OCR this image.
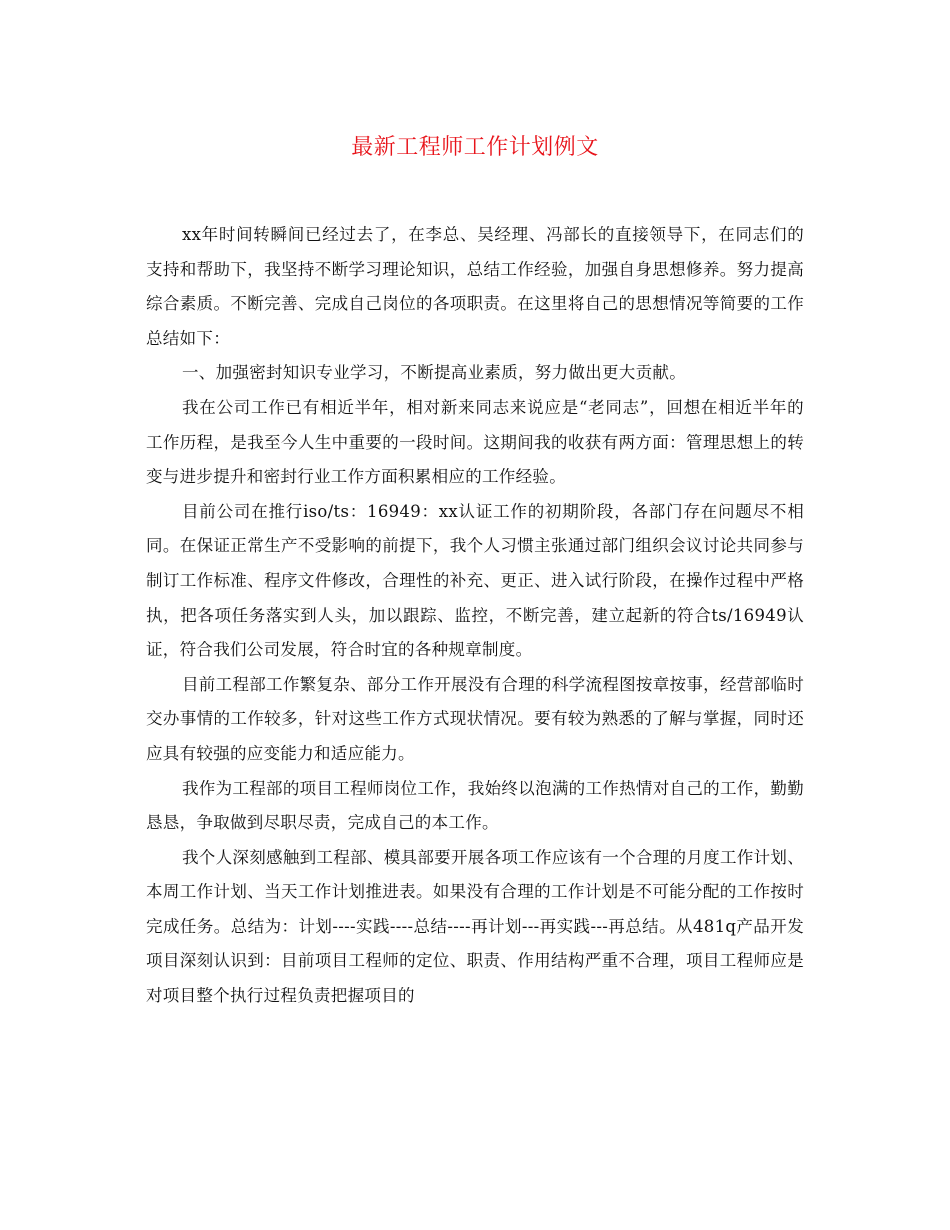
最新工程师工作计划例文

xx年时间转瞬间已经过去了，在李总、吴经理、冯部长的直接领导下，在同志们的支持和帮助下，我坚持不断学习理论知识，总结工作经验，加强自身思想修养。努力提高综合素质。不断完善、完成自己岗位的各项职责。在这里将自己的思想情况等简要的工作总结如下：

一、加强密封知识专业学习，不断提高业素质，努力做出更大贡献。

我在公司工作已有相近半年，相对新来同志来说应是“老同志”，回想在相近半年的工作历程，是我至今人生中重要的一段时间。这期间我的收获有两方面：管理思想上的转变与进步提升和密封行业工作方面积累相应的工作经验。

目前公司在推行iso/ts：16949：xx认证工作的初期阶段，各部门存在问题尽不相同。在保证正常生产不受影响的前提下，我个人习惯主张通过部门组织会议讨论共同参与制订工作标准、程序文件修改，合理性的补充、更正、进入试行阶段，在操作过程中严格执，把各项任务落实到人头，加以跟踪、监控，不断完善，建立起新的符合ts/16949认证，符合我们公司发展，符合时宜的各种规章制度。

目前工程部工作繁复杂、部分工作开展没有合理的科学流程图按章按事，经营部临时交办事情的工作较多，针对这些工作方式现状情况。要有较为熟悉的了解与掌握，同时还应具有较强的应变能力和适应能力。

我作为工程部的项目工程师岗位工作，我始终以泡满的工作热情对自己的工作，勤勤恳恳，争取做到尽职尽责，完成自己的本工作。

我个人深刻感触到工程部、模具部要开展各项工作应该有一个合理的月度工作计划、本周工作计划、当天工作计划推进表。如果没有合理的工作计划是不可能分配的工作按时完成任务。总结为：计划----实践----总结----再计划---再实践---再总结。从481q产品开发项目深刻认识到：目前项目工程师的定位、职责、作用结构严重不合理，项目工程师应是对项目整个执行过程负责把握项目的
